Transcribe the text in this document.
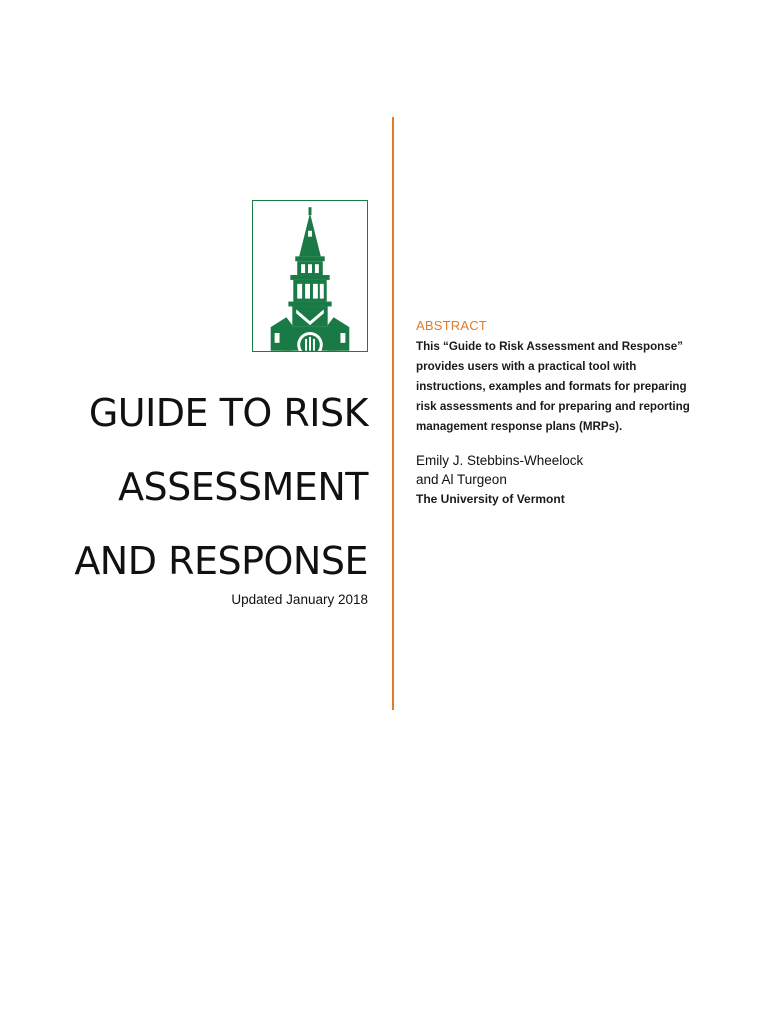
GUIDE TO RISK
ASSESSMENT
AND RESPONSE
Updated January 2018
ABSTRACT

This “Guide to Risk Assessment and Response”
provides users with a practical tool with
instructions, examples and formats for preparing
risk assessments and for preparing and reporting
management response plans (MRPs).

Emily J. Stebbins-Wheelock
and Al Turgeon
The University of Vermont
